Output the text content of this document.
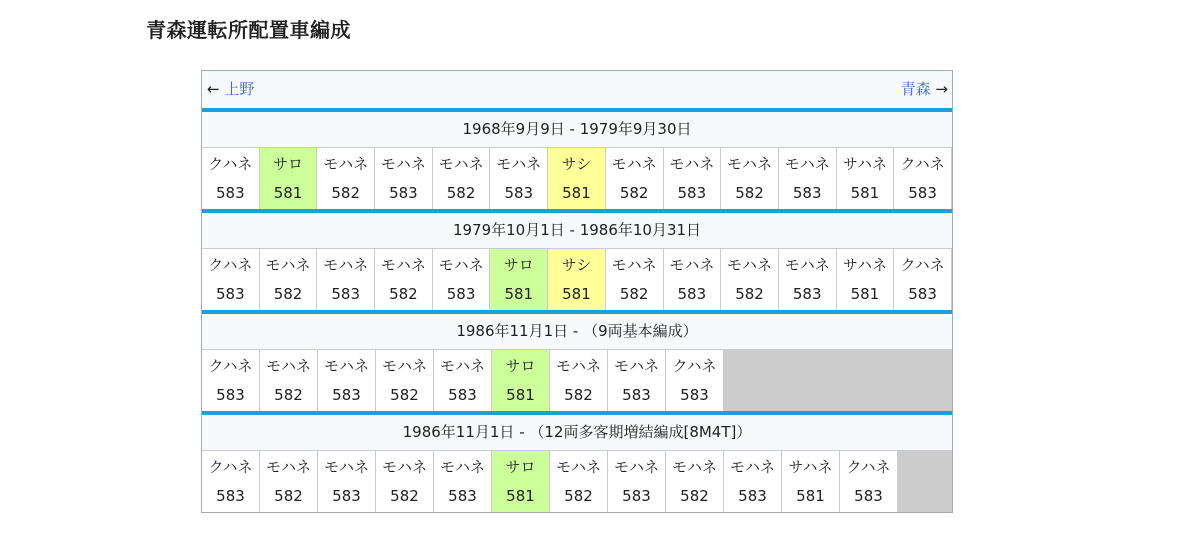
青森運転所配置車編成
← 上野	青森 →
1968年9月9日 - 1979年9月30日
クハネ
583
サロ
581
モハネ
582
モハネ
583
モハネ
582
モハネ
583
サシ
581
モハネ
582
モハネ
583
モハネ
582
モハネ
583
サハネ
581
クハネ
583
1979年10月1日 - 1986年10月31日
クハネ
583
モハネ
582
モハネ
583
モハネ
582
モハネ
583
サロ
581
サシ
581
モハネ
582
モハネ
583
モハネ
582
モハネ
583
サハネ
581
クハネ
583
1986年11月1日 - （9両基本編成）
クハネ
583
モハネ
582
モハネ
583
モハネ
582
モハネ
583
サロ
581
モハネ
582
モハネ
583
クハネ
583
1986年11月1日 - （12両多客期増結編成[8M4T]）
クハネ
583
モハネ
582
モハネ
583
モハネ
582
モハネ
583
サロ
581
モハネ
582
モハネ
583
モハネ
582
モハネ
583
サハネ
581
クハネ
583
